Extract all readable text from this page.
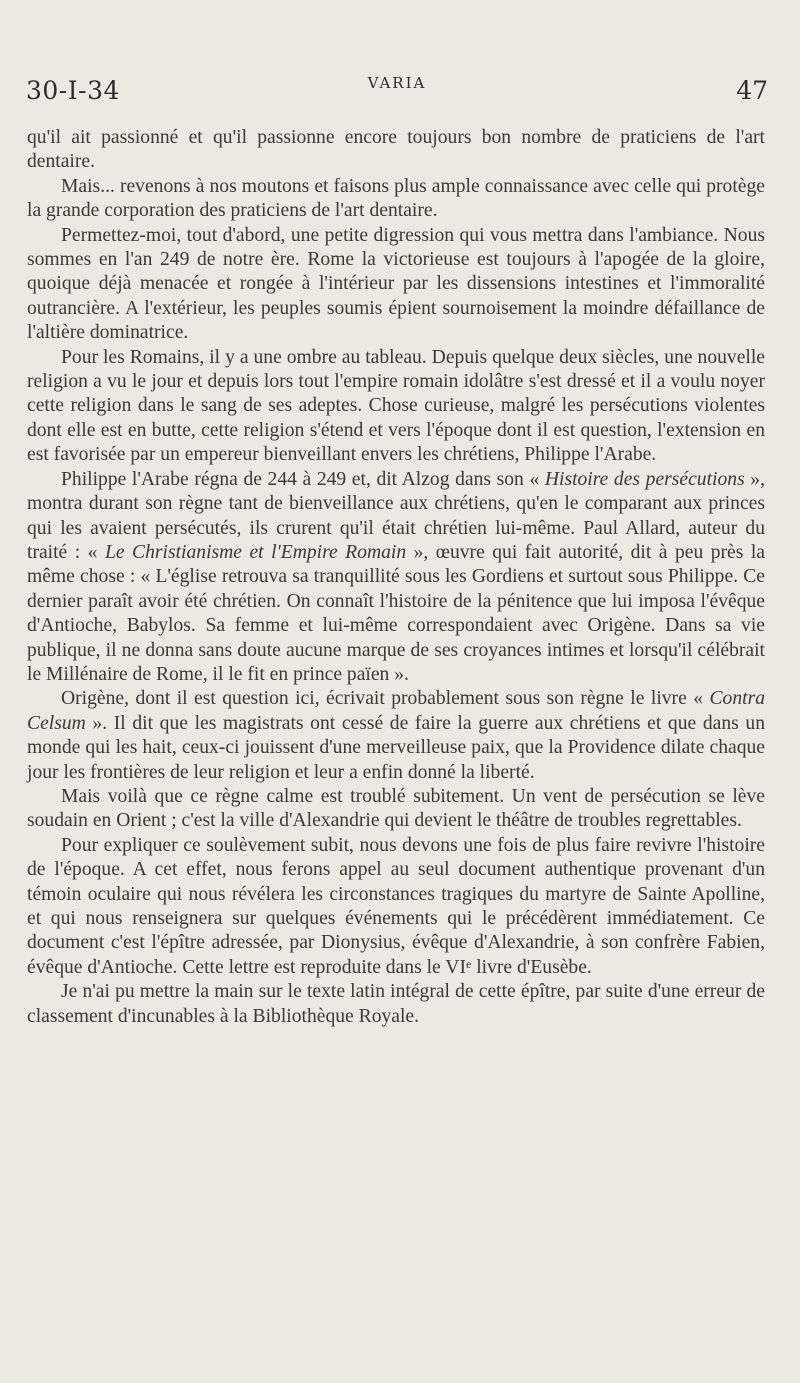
30-I-34	VARIA	47

qu'il ait passionné et qu'il passionne encore toujours bon nombre de praticiens de l'art dentaire.

Mais... revenons à nos moutons et faisons plus ample connaissance avec celle qui protège la grande corporation des praticiens de l'art dentaire.

Permettez-moi, tout d'abord, une petite digression qui vous mettra dans l'ambiance. Nous sommes en l'an 249 de notre ère. Rome la victorieuse est toujours à l'apogée de la gloire, quoique déjà menacée et rongée à l'intérieur par les dissensions intestines et l'immoralité outrancière. A l'extérieur, les peuples soumis épient sournoisement la moindre défaillance de l'altière dominatrice.

Pour les Romains, il y a une ombre au tableau. Depuis quelque deux siècles, une nouvelle religion a vu le jour et depuis lors tout l'empire romain idolâtre s'est dressé et il a voulu noyer cette religion dans le sang de ses adeptes. Chose curieuse, malgré les persécutions violentes dont elle est en butte, cette religion s'étend et vers l'époque dont il est question, l'extension en est favorisée par un empereur bienveillant envers les chrétiens, Philippe l'Arabe.

Philippe l'Arabe régna de 244 à 249 et, dit Alzog dans son « Histoire des persécutions », montra durant son règne tant de bienveillance aux chrétiens, qu'en le comparant aux princes qui les avaient persécutés, ils crurent qu'il était chrétien lui-même. Paul Allard, auteur du traité : « Le Christianisme et l'Empire Romain », œuvre qui fait autorité, dit à peu près la même chose : « L'église retrouva sa tranquillité sous les Gordiens et surtout sous Philippe. Ce dernier paraît avoir été chrétien. On connaît l'histoire de la pénitence que lui imposa l'évêque d'Antioche, Babylos. Sa femme et lui-même correspondaient avec Origène. Dans sa vie publique, il ne donna sans doute aucune marque de ses croyances intimes et lorsqu'il célébrait le Millénaire de Rome, il le fit en prince païen ».

Origène, dont il est question ici, écrivait probablement sous son règne le livre « Contra Celsum ». Il dit que les magistrats ont cessé de faire la guerre aux chrétiens et que dans un monde qui les hait, ceux-ci jouissent d'une merveilleuse paix, que la Providence dilate chaque jour les frontières de leur religion et leur a enfin donné la liberté.

Mais voilà que ce règne calme est troublé subitement. Un vent de persécution se lève soudain en Orient ; c'est la ville d'Alexandrie qui devient le théâtre de troubles regrettables.

Pour expliquer ce soulèvement subit, nous devons une fois de plus faire revivre l'histoire de l'époque. A cet effet, nous ferons appel au seul document authentique provenant d'un témoin oculaire qui nous révélera les circonstances tragiques du martyre de Sainte Apolline, et qui nous renseignera sur quelques événements qui le précédèrent immédiatement. Ce document c'est l'épître adressée, par Dionysius, évêque d'Alexandrie, à son confrère Fabien, évêque d'Antioche. Cette lettre est reproduite dans le VIe livre d'Eusèbe.

Je n'ai pu mettre la main sur le texte latin intégral de cette épître, par suite d'une erreur de classement d'incunables à la Bibliothèque Royale.
